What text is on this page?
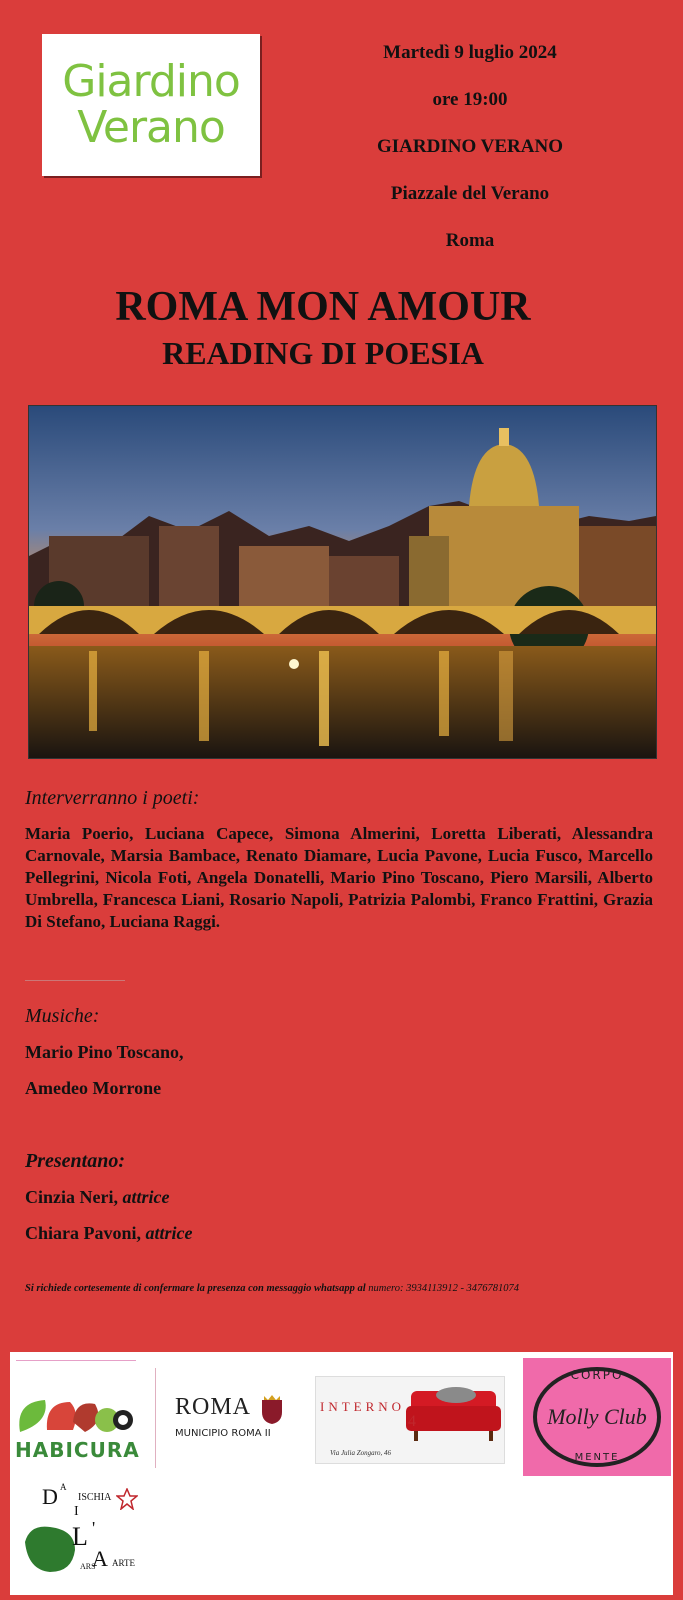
Giardino
Verano
Martedì 9 luglio 2024
ore 19:00
GIARDINO VERANO
Piazzale del Verano
Roma
ROMA MON AMOUR
READING DI POESIA
Interverranno i poeti:
Maria Poerio, Luciana Capece, Simona Almerini, Loretta Liberati, Alessandra Carnovale, Marsia Bambace, Renato Diamare, Lucia Pavone, Lucia Fusco, Marcello Pellegrini, Nicola Foti, Angela Donatelli, Mario Pino Toscano, Piero Marsili, Alberto Umbrella, Francesca Liani, Rosario Napoli, Patrizia Palombi, Franco Frattini, Grazia Di Stefano, Luciana Raggi.
Musiche:
Mario Pino Toscano,
Amedeo Morrone
Presentano:
Cinzia Neri, attrice
Chiara Pavoni, attrice
Si richiede cortesemente di confermare la presenza con messaggio whatsapp al numero: 3934113912 - 3476781074
HABICURA
ROMA
MUNICIPIO ROMA II
INTERNO
4
Via Julia Zongaro, 46
CORPO
Molly Club
MENTE
D A
ISCHIA
I
L '
A ARTE
ARS
